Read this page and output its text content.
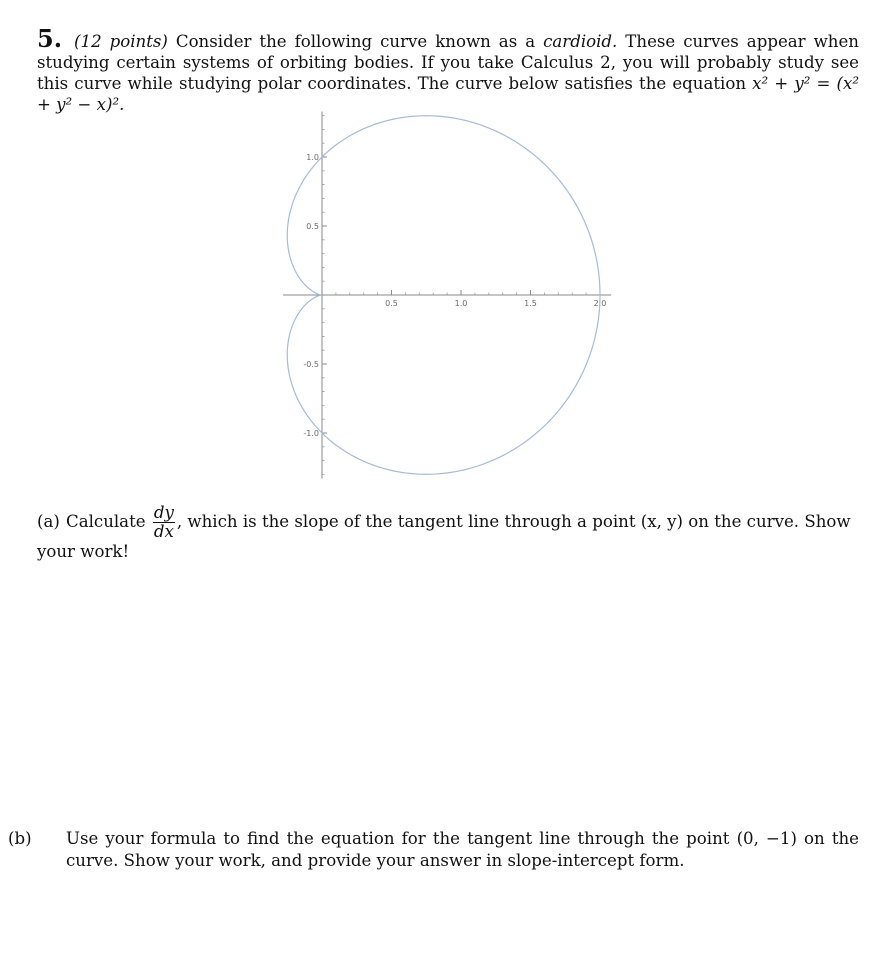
5. (12 points) Consider the following curve known as a cardioid. These curves appear when studying certain systems of orbiting bodies. If you take Calculus 2, you will probably study see this curve while studying polar coordinates. The curve below satisfies the equation x² + y² = (x² + y² − x)².
0.5	1.0	1.5	2.0
1.0
0.5
-0.5
-1.0
(a) Calculate $\frac{dy}{dx}$ , which is the slope of the tangent line through a point (x, y) on the curve. Show your work!
(b) Use your formula to find the equation for the tangent line through the point (0, −1) on the curve. Show your work, and provide your answer in slope-intercept form.
